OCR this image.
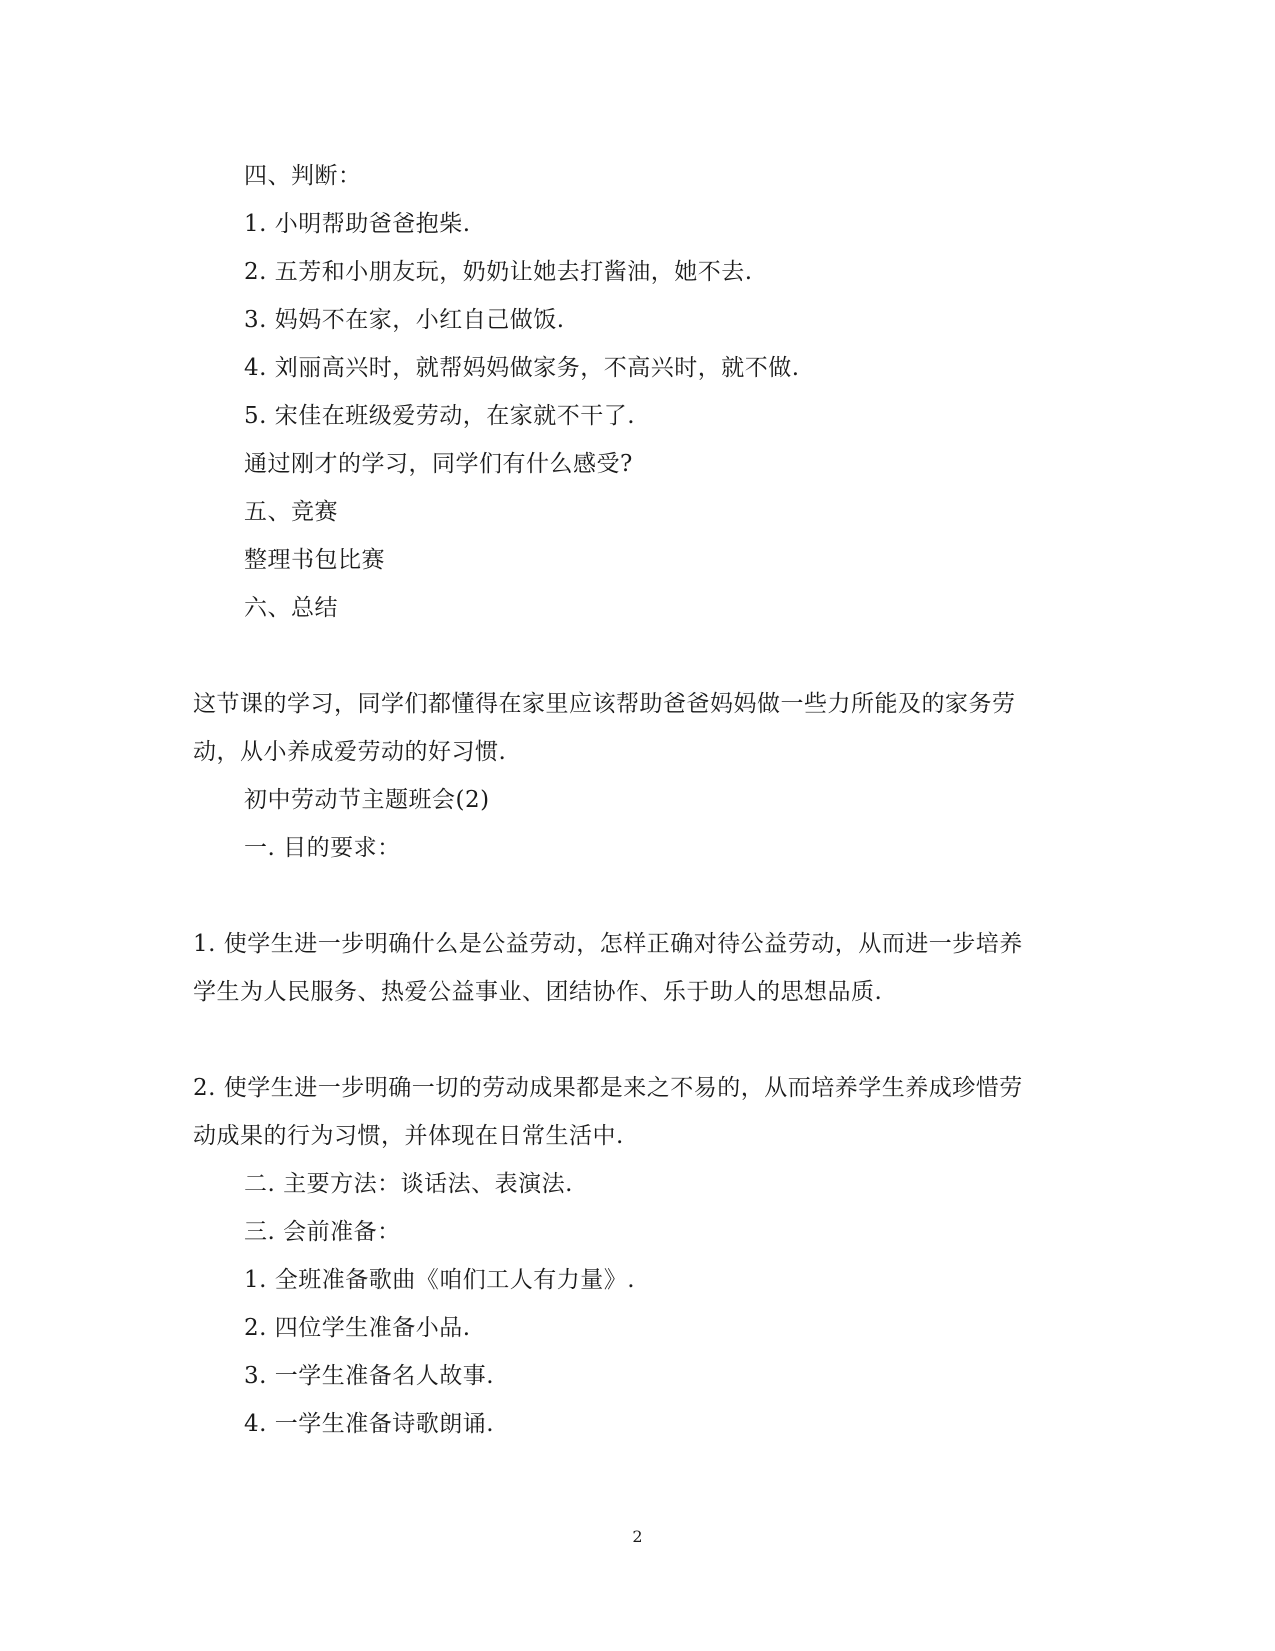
四、判断：
1. 小明帮助爸爸抱柴.
2. 五芳和小朋友玩，奶奶让她去打酱油，她不去.
3. 妈妈不在家，小红自己做饭.
4. 刘丽高兴时，就帮妈妈做家务，不高兴时，就不做.
5. 宋佳在班级爱劳动，在家就不干了.
通过刚才的学习，同学们有什么感受?
五、竞赛
整理书包比赛
六、总结
这节课的学习，同学们都懂得在家里应该帮助爸爸妈妈做一些力所能及的家务劳
动，从小养成爱劳动的好习惯.
初中劳动节主题班会(2)
一. 目的要求：
1. 使学生进一步明确什么是公益劳动，怎样正确对待公益劳动，从而进一步培养
学生为人民服务、热爱公益事业、团结协作、乐于助人的思想品质.
2. 使学生进一步明确一切的劳动成果都是来之不易的，从而培养学生养成珍惜劳
动成果的行为习惯，并体现在日常生活中.
二. 主要方法：谈话法、表演法.
三. 会前准备：
1. 全班准备歌曲《咱们工人有力量》.
2. 四位学生准备小品.
3. 一学生准备名人故事.
4. 一学生准备诗歌朗诵.
2
